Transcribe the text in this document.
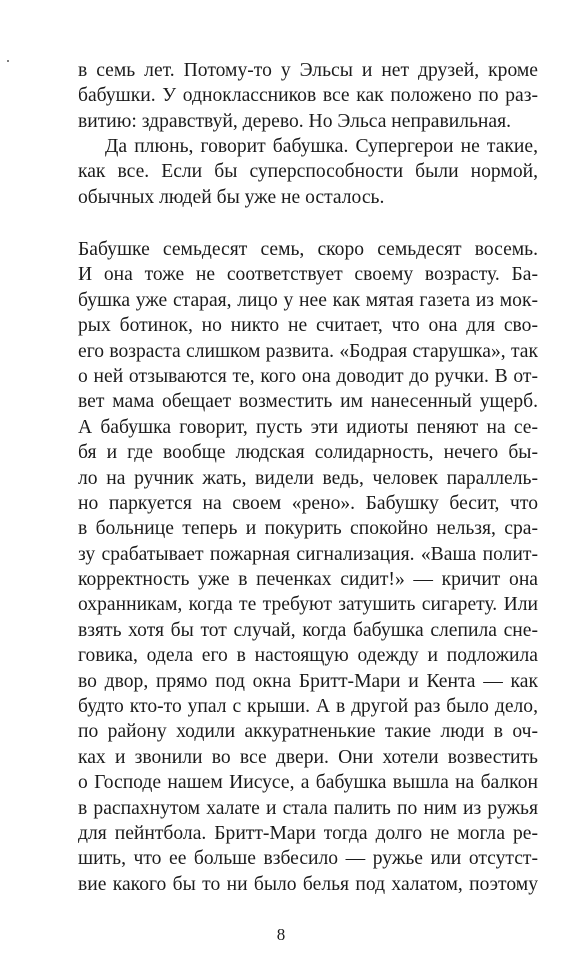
в семь лет. Потому-то у Эльсы и нет друзей, кроме
бабушки. У одноклассников все как положено по раз-
витию: здравствуй, дерево. Но Эльса неправильная.
Да плюнь, говорит бабушка. Супергерои не такие,
как все. Если бы суперспособности были нормой,
обычных людей бы уже не осталось.
Бабушке семьдесят семь, скоро семьдесят восемь.
И она тоже не соответствует своему возрасту. Ба-
бушка уже старая, лицо у нее как мятая газета из мок-
рых ботинок, но никто не считает, что она для сво-
его возраста слишком развита. «Бодрая старушка», так
о ней отзываются те, кого она доводит до ручки. В от-
вет мама обещает возместить им нанесенный ущерб.
А бабушка говорит, пусть эти идиоты пеняют на се-
бя и где вообще людская солидарность, нечего бы-
ло на ручник жать, видели ведь, человек параллель-
но паркуется на своем «рено». Бабушку бесит, что
в больнице теперь и покурить спокойно нельзя, сра-
зу срабатывает пожарная сигнализация. «Ваша полит-
корректность уже в печенках сидит!» — кричит она
охранникам, когда те требуют затушить сигарету. Или
взять хотя бы тот случай, когда бабушка слепила сне-
говика, одела его в настоящую одежду и подложила
во двор, прямо под окна Бритт-Мари и Кента — как
будто кто-то упал с крыши. А в другой раз было дело,
по району ходили аккуратненькие такие люди в оч-
ках и звонили во все двери. Они хотели возвестить
о Господе нашем Иисусе, а бабушка вышла на балкон
в распахнутом халате и стала палить по ним из ружья
для пейнтбола. Бритт-Мари тогда долго не могла ре-
шить, что ее больше взбесило — ружье или отсутст-
вие какого бы то ни было белья под халатом, поэтому
8
